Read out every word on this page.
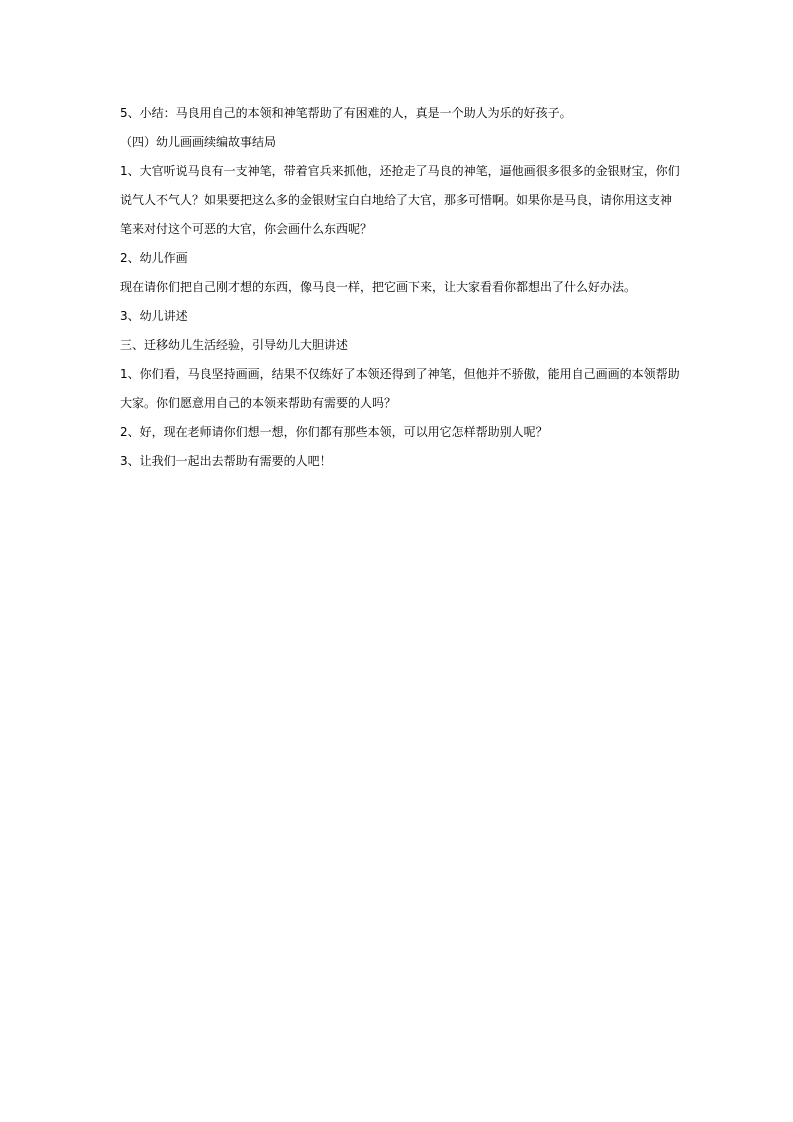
5、小结：马良用自己的本领和神笔帮助了有困难的人，真是一个助人为乐的好孩子。

（四）幼儿画画续编故事结局

1、大官听说马良有一支神笔，带着官兵来抓他，还抢走了马良的神笔，逼他画很多很多的金银财宝，你们

说气人不气人？如果要把这么多的金银财宝白白地给了大官，那多可惜啊。如果你是马良，请你用这支神

笔来对付这个可恶的大官，你会画什么东西呢？

2、幼儿作画

现在请你们把自己刚才想的东西，像马良一样，把它画下来，让大家看看你都想出了什么好办法。

3、幼儿讲述

三、迁移幼儿生活经验，引导幼儿大胆讲述

1、你们看，马良坚持画画，结果不仅练好了本领还得到了神笔，但他并不骄傲，能用自己画画的本领帮助

大家。你们愿意用自己的本领来帮助有需要的人吗？

2、好，现在老师请你们想一想，你们都有那些本领，可以用它怎样帮助别人呢？

3、让我们一起出去帮助有需要的人吧！
